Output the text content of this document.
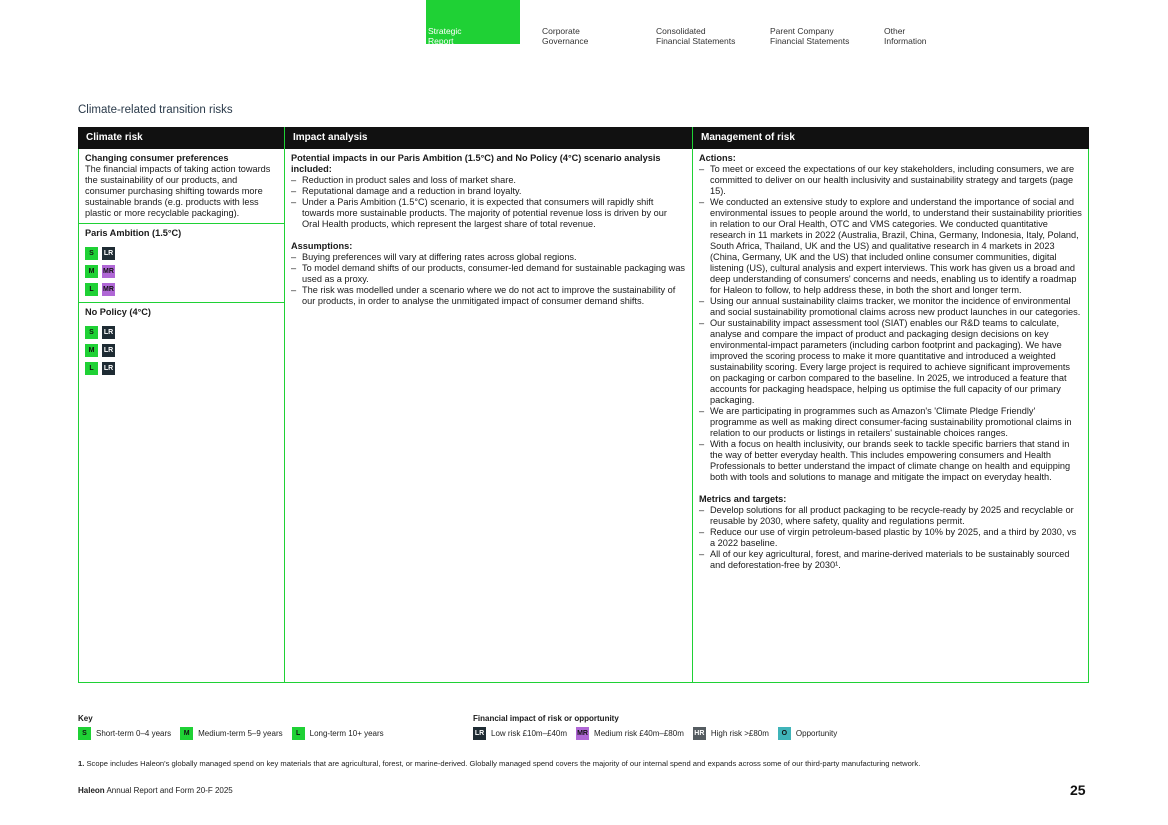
Strategic
Report
Corporate
Governance
Consolidated
Financial Statements
Parent Company
Financial Statements
Other
Information
Climate-related transition risks
Climate risk	Impact analysis	Management of risk
Changing consumer preferences
The financial impacts of taking action towards the sustainability of our products, and consumer purchasing shifting towards more sustainable brands (e.g. products with less plastic or more recyclable packaging).
Paris Ambition (1.5°C)
S	LR
M	MR
L	MR
No Policy (4°C)
S	LR
M	LR
L	LR
Potential impacts in our Paris Ambition (1.5°C) and No Policy (4°C) scenario analysis included:
– Reduction in product sales and loss of market share.
– Reputational damage and a reduction in brand loyalty.
– Under a Paris Ambition (1.5°C) scenario, it is expected that consumers will rapidly shift towards more sustainable products. The majority of potential revenue loss is driven by our Oral Health products, which represent the largest share of total revenue.
Assumptions:
– Buying preferences will vary at differing rates across global regions.
– To model demand shifts of our products, consumer-led demand for sustainable packaging was used as a proxy.
– The risk was modelled under a scenario where we do not act to improve the sustainability of our products, in order to analyse the unmitigated impact of consumer demand shifts.
Actions:
– To meet or exceed the expectations of our key stakeholders, including consumers, we are committed to deliver on our health inclusivity and sustainability strategy and targets (page 15).
– We conducted an extensive study to explore and understand the importance of social and environmental issues to people around the world, to understand their sustainability priorities in relation to our Oral Health, OTC and VMS categories. We conducted quantitative research in 11 markets in 2022 (Australia, Brazil, China, Germany, Indonesia, Italy, Poland, South Africa, Thailand, UK and the US) and qualitative research in 4 markets in 2023 (China, Germany, UK and the US) that included online consumer communities, digital listening (US), cultural analysis and expert interviews. This work has given us a broad and deep understanding of consumers' concerns and needs, enabling us to identify a roadmap for Haleon to follow, to help address these, in both the short and longer term.
– Using our annual sustainability claims tracker, we monitor the incidence of environmental and social sustainability promotional claims across new product launches in our categories.
– Our sustainability impact assessment tool (SIAT) enables our R&D teams to calculate, analyse and compare the impact of product and packaging design decisions on key environmental-impact parameters (including carbon footprint and packaging). We have improved the scoring process to make it more quantitative and introduced a weighted sustainability scoring. Every large project is required to achieve significant improvements on packaging or carbon compared to the baseline. In 2025, we introduced a feature that accounts for packaging headspace, helping us optimise the full capacity of our primary packaging.
– We are participating in programmes such as Amazon's 'Climate Pledge Friendly' programme as well as making direct consumer-facing sustainability promotional claims in relation to our products or listings in retailers' sustainable choices ranges.
– With a focus on health inclusivity, our brands seek to tackle specific barriers that stand in the way of better everyday health. This includes empowering consumers and Health Professionals to better understand the impact of climate change on health and equipping both with tools and solutions to manage and mitigate the impact on everyday health.
Metrics and targets:
– Develop solutions for all product packaging to be recycle-ready by 2025 and recyclable or reusable by 2030, where safety, quality and regulations permit.
– Reduce our use of virgin petroleum-based plastic by 10% by 2025, and a third by 2030, vs a 2022 baseline.
– All of our key agricultural, forest, and marine-derived materials to be sustainably sourced and deforestation-free by 2030¹.
Key
S	Short-term 0–4 years	M	Medium-term 5–9 years	L	Long-term 10+ years
Financial impact of risk or opportunity
LR Low risk £10m–£40m MR Medium risk £40m–£80m HR High risk >£80m	O	Opportunity
1. Scope includes Haleon's globally managed spend on key materials that are agricultural, forest, or marine-derived. Globally managed spend covers the majority of our internal spend and expands across some of our third-party manufacturing network.
Haleon Annual Report and Form 20-F 2025	25
